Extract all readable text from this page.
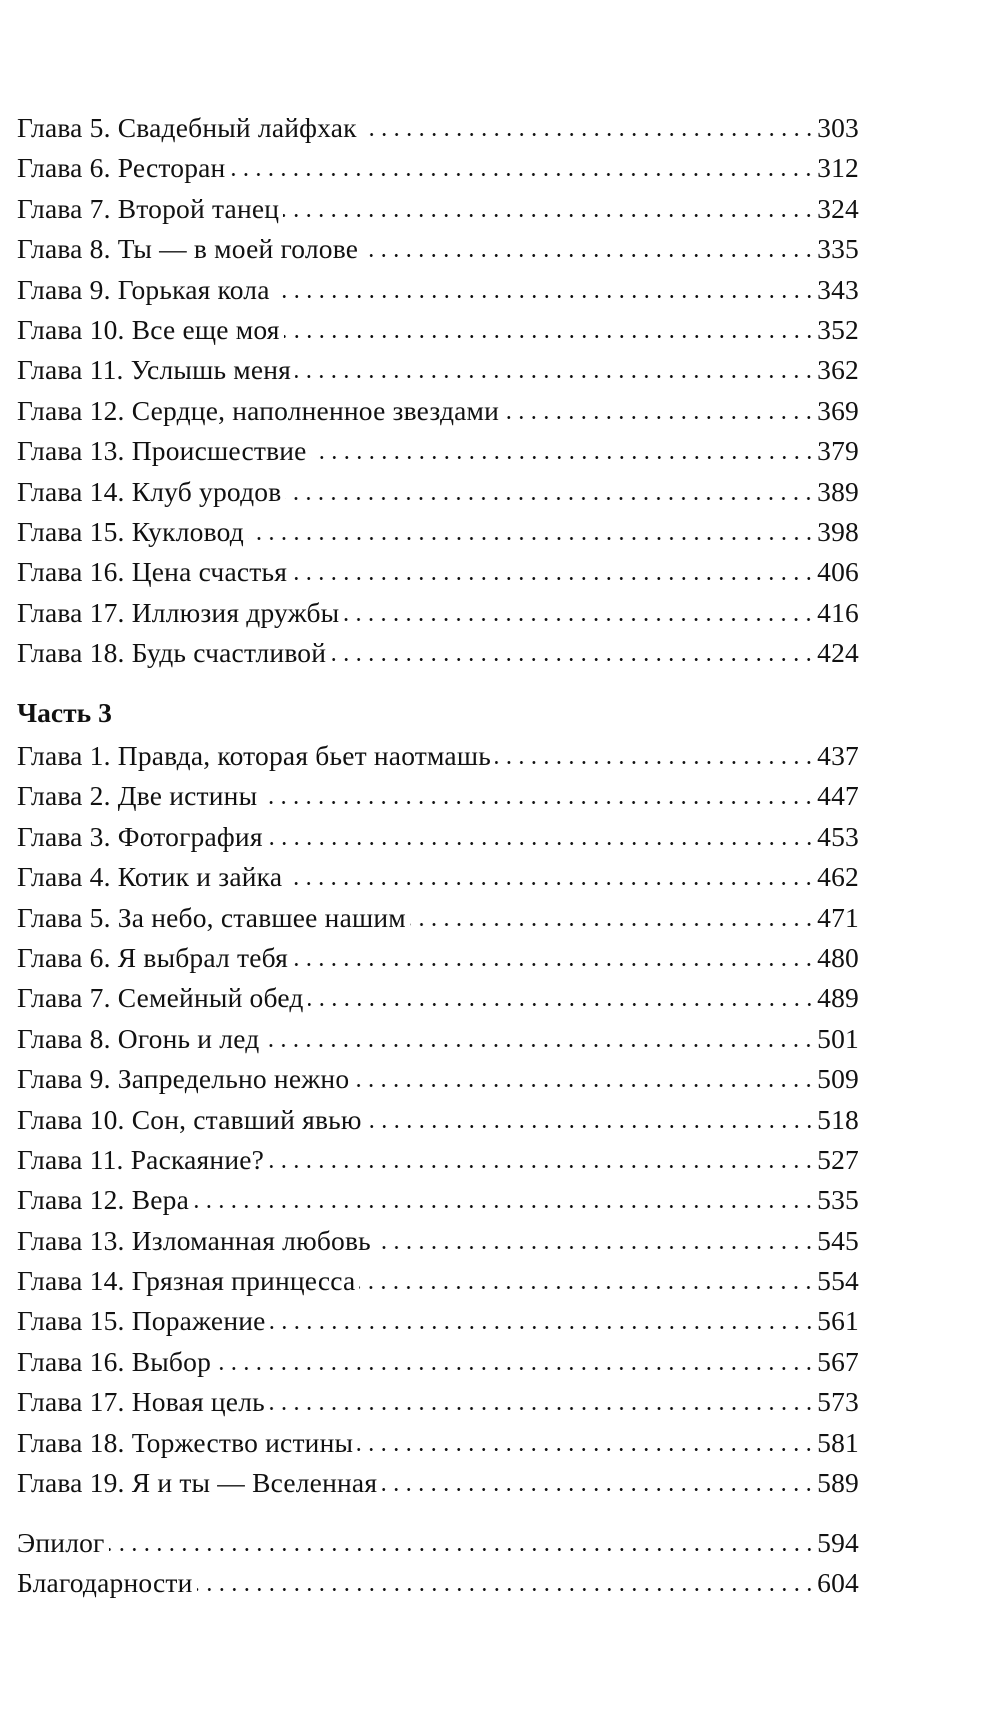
Глава 5. Свадебный лайфхак	303
Глава 6. Ресторан	312
Глава 7. Второй танец	324
Глава 8. Ты — в моей голове	335
Глава 9. Горькая кола	343
Глава 10. Все еще моя	352
Глава 11. Услышь меня	362
Глава 12. Сердце, наполненное звездами	369
Глава 13. Происшествие	379
Глава 14. Клуб уродов	389
Глава 15. Кукловод	398
Глава 16. Цена счастья	406
Глава 17. Иллюзия дружбы	416
Глава 18. Будь счастливой	424
Часть 3
Глава 1. Правда, которая бьет наотмашь	437
Глава 2. Две истины	447
Глава 3. Фотография	453
Глава 4. Котик и зайка	462
Глава 5. За небо, ставшее нашим	471
Глава 6. Я выбрал тебя	480
Глава 7. Семейный обед	489
Глава 8. Огонь и лед	501
Глава 9. Запредельно нежно	509
Глава 10. Сон, ставший явью	518
Глава 11. Раскаяние?	527
Глава 12. Вера	535
Глава 13. Изломанная любовь	545
Глава 14. Грязная принцесса	554
Глава 15. Поражение	561
Глава 16. Выбор	567
Глава 17. Новая цель	573
Глава 18. Торжество истины	581
Глава 19. Я и ты — Вселенная	589
Эпилог	594
Благодарности	604
